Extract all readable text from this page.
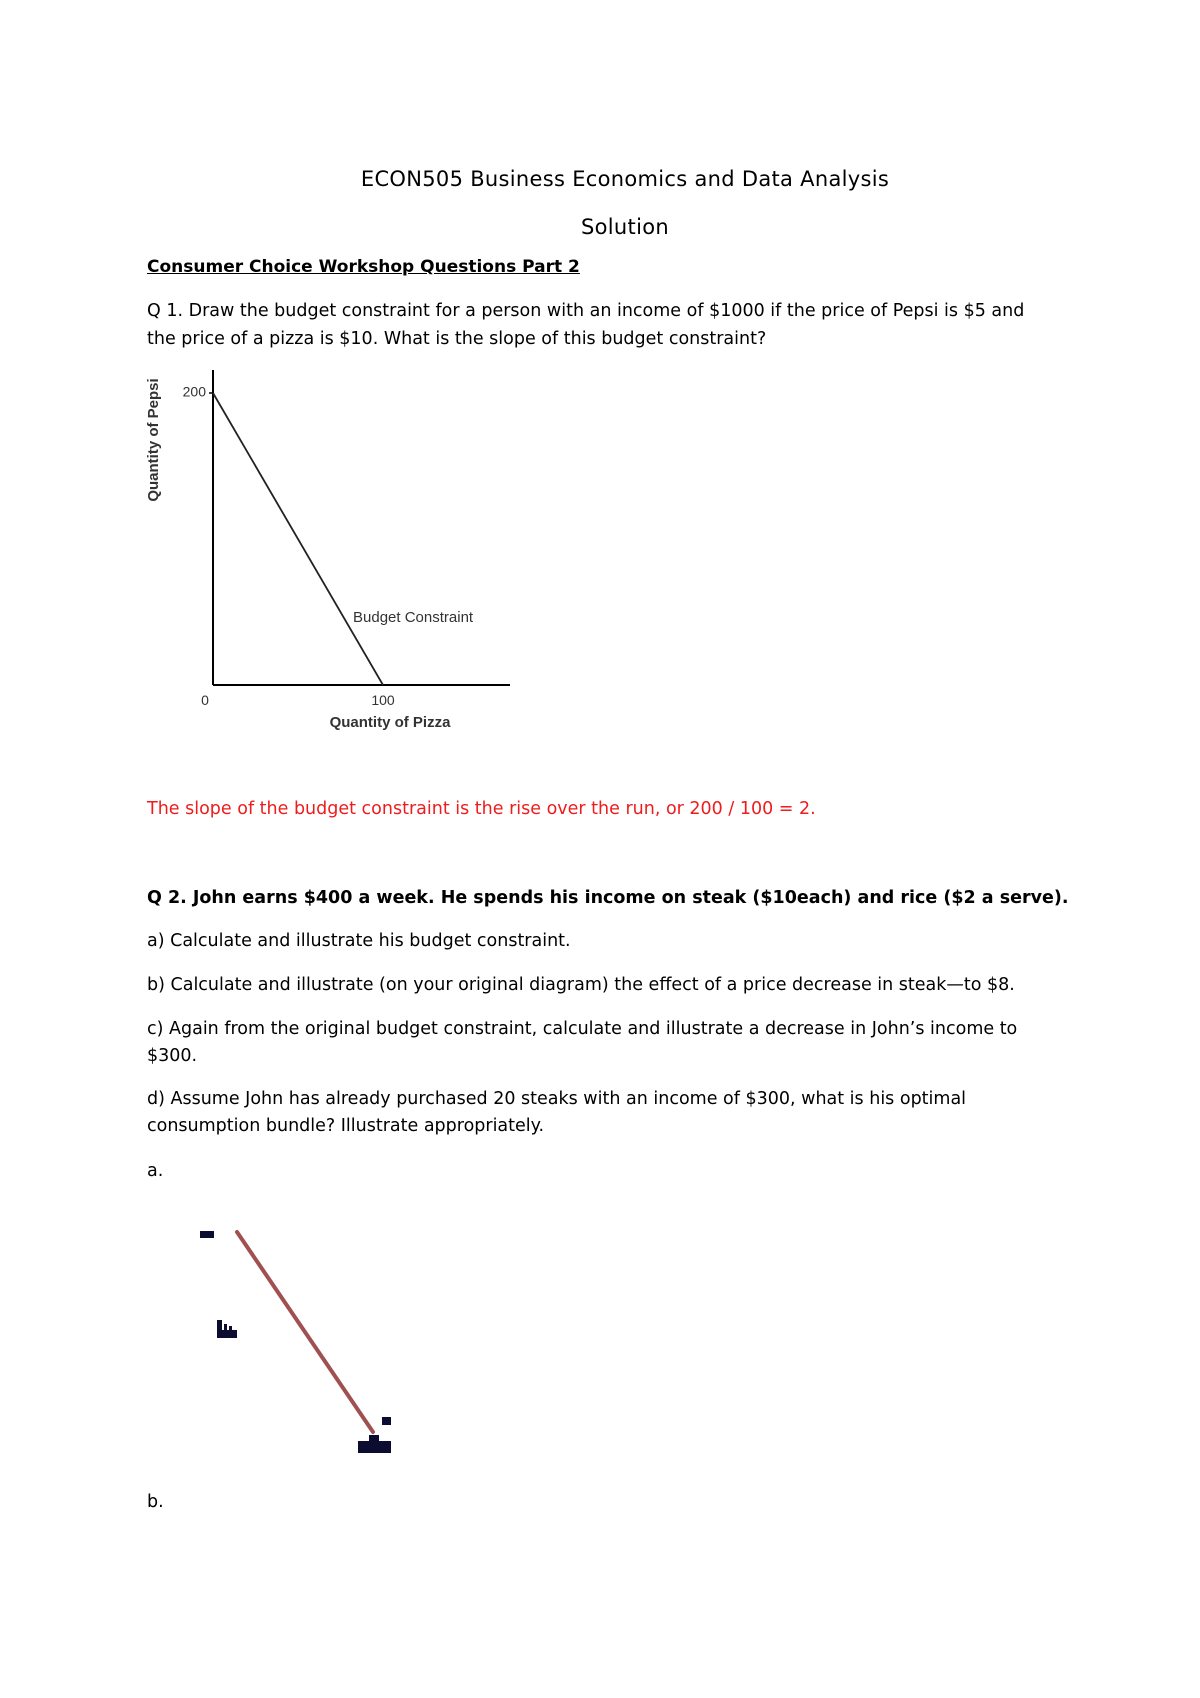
ECON505 Business Economics and Data Analysis

Solution

Consumer Choice Workshop Questions Part 2

Q 1. Draw the budget constraint for a person with an income of $1000 if the price of Pepsi is $5 and

the price of a pizza is $10. What is the slope of this budget constraint?

200
0	100
Quantity of Pizza
Quantity of Pepsi
Budget Constraint

The slope of the budget constraint is the rise over the run, or 200 / 100 = 2.

Q 2. John earns $400 a week. He spends his income on steak ($10each) and rice ($2 a serve).

a) Calculate and illustrate his budget constraint.

b) Calculate and illustrate (on your original diagram) the effect of a price decrease in steak—to $8.

c) Again from the original budget constraint, calculate and illustrate a decrease in John’s income to

$300.

d) Assume John has already purchased 20 steaks with an income of $300, what is his optimal

consumption bundle? Illustrate appropriately.

a.

b.
